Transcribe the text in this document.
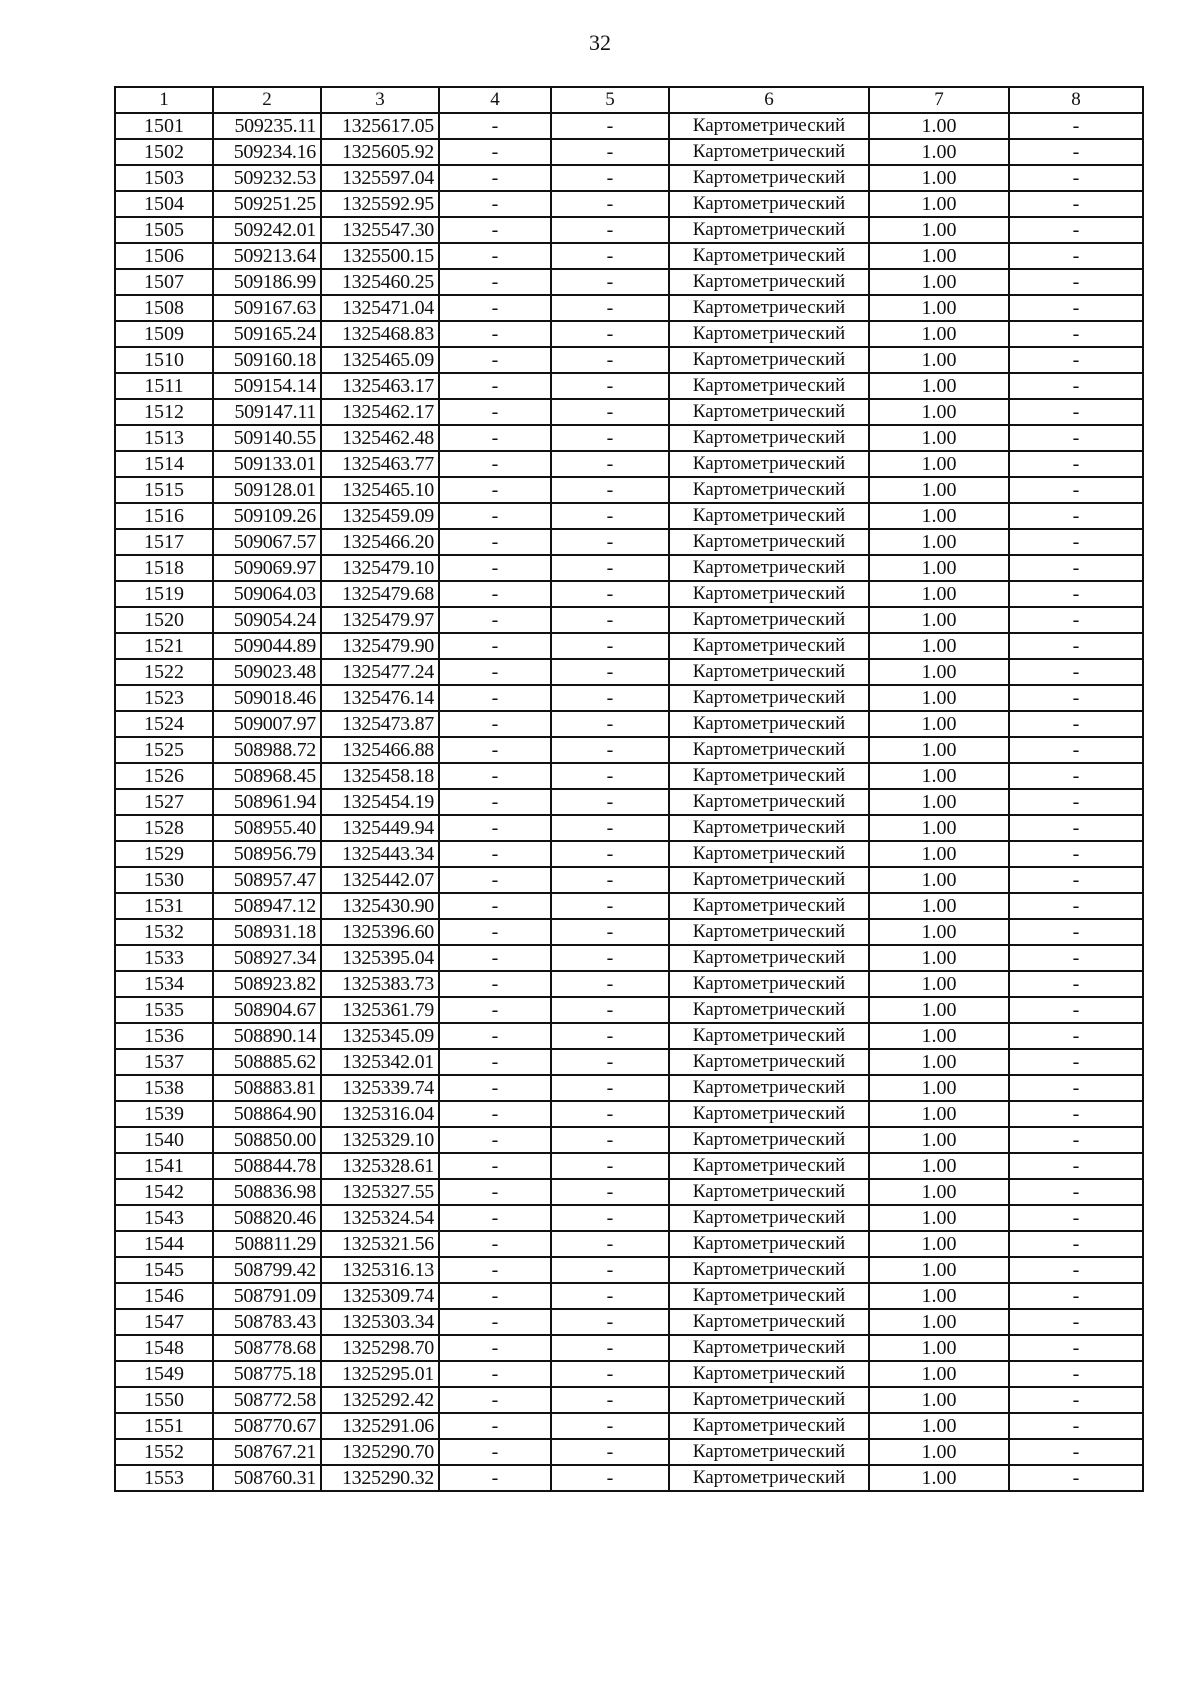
32
1	2	3	4	5	6	7	8
1501	509235.11	1325617.05	-	-	Картометрический	1.00	-
1502	509234.16	1325605.92	-	-	Картометрический	1.00	-
1503	509232.53	1325597.04	-	-	Картометрический	1.00	-
1504	509251.25	1325592.95	-	-	Картометрический	1.00	-
1505	509242.01	1325547.30	-	-	Картометрический	1.00	-
1506	509213.64	1325500.15	-	-	Картометрический	1.00	-
1507	509186.99	1325460.25	-	-	Картометрический	1.00	-
1508	509167.63	1325471.04	-	-	Картометрический	1.00	-
1509	509165.24	1325468.83	-	-	Картометрический	1.00	-
1510	509160.18	1325465.09	-	-	Картометрический	1.00	-
1511	509154.14	1325463.17	-	-	Картометрический	1.00	-
1512	509147.11	1325462.17	-	-	Картометрический	1.00	-
1513	509140.55	1325462.48	-	-	Картометрический	1.00	-
1514	509133.01	1325463.77	-	-	Картометрический	1.00	-
1515	509128.01	1325465.10	-	-	Картометрический	1.00	-
1516	509109.26	1325459.09	-	-	Картометрический	1.00	-
1517	509067.57	1325466.20	-	-	Картометрический	1.00	-
1518	509069.97	1325479.10	-	-	Картометрический	1.00	-
1519	509064.03	1325479.68	-	-	Картометрический	1.00	-
1520	509054.24	1325479.97	-	-	Картометрический	1.00	-
1521	509044.89	1325479.90	-	-	Картометрический	1.00	-
1522	509023.48	1325477.24	-	-	Картометрический	1.00	-
1523	509018.46	1325476.14	-	-	Картометрический	1.00	-
1524	509007.97	1325473.87	-	-	Картометрический	1.00	-
1525	508988.72	1325466.88	-	-	Картометрический	1.00	-
1526	508968.45	1325458.18	-	-	Картометрический	1.00	-
1527	508961.94	1325454.19	-	-	Картометрический	1.00	-
1528	508955.40	1325449.94	-	-	Картометрический	1.00	-
1529	508956.79	1325443.34	-	-	Картометрический	1.00	-
1530	508957.47	1325442.07	-	-	Картометрический	1.00	-
1531	508947.12	1325430.90	-	-	Картометрический	1.00	-
1532	508931.18	1325396.60	-	-	Картометрический	1.00	-
1533	508927.34	1325395.04	-	-	Картометрический	1.00	-
1534	508923.82	1325383.73	-	-	Картометрический	1.00	-
1535	508904.67	1325361.79	-	-	Картометрический	1.00	-
1536	508890.14	1325345.09	-	-	Картометрический	1.00	-
1537	508885.62	1325342.01	-	-	Картометрический	1.00	-
1538	508883.81	1325339.74	-	-	Картометрический	1.00	-
1539	508864.90	1325316.04	-	-	Картометрический	1.00	-
1540	508850.00	1325329.10	-	-	Картометрический	1.00	-
1541	508844.78	1325328.61	-	-	Картометрический	1.00	-
1542	508836.98	1325327.55	-	-	Картометрический	1.00	-
1543	508820.46	1325324.54	-	-	Картометрический	1.00	-
1544	508811.29	1325321.56	-	-	Картометрический	1.00	-
1545	508799.42	1325316.13	-	-	Картометрический	1.00	-
1546	508791.09	1325309.74	-	-	Картометрический	1.00	-
1547	508783.43	1325303.34	-	-	Картометрический	1.00	-
1548	508778.68	1325298.70	-	-	Картометрический	1.00	-
1549	508775.18	1325295.01	-	-	Картометрический	1.00	-
1550	508772.58	1325292.42	-	-	Картометрический	1.00	-
1551	508770.67	1325291.06	-	-	Картометрический	1.00	-
1552	508767.21	1325290.70	-	-	Картометрический	1.00	-
1553	508760.31	1325290.32	-	-	Картометрический	1.00	-
